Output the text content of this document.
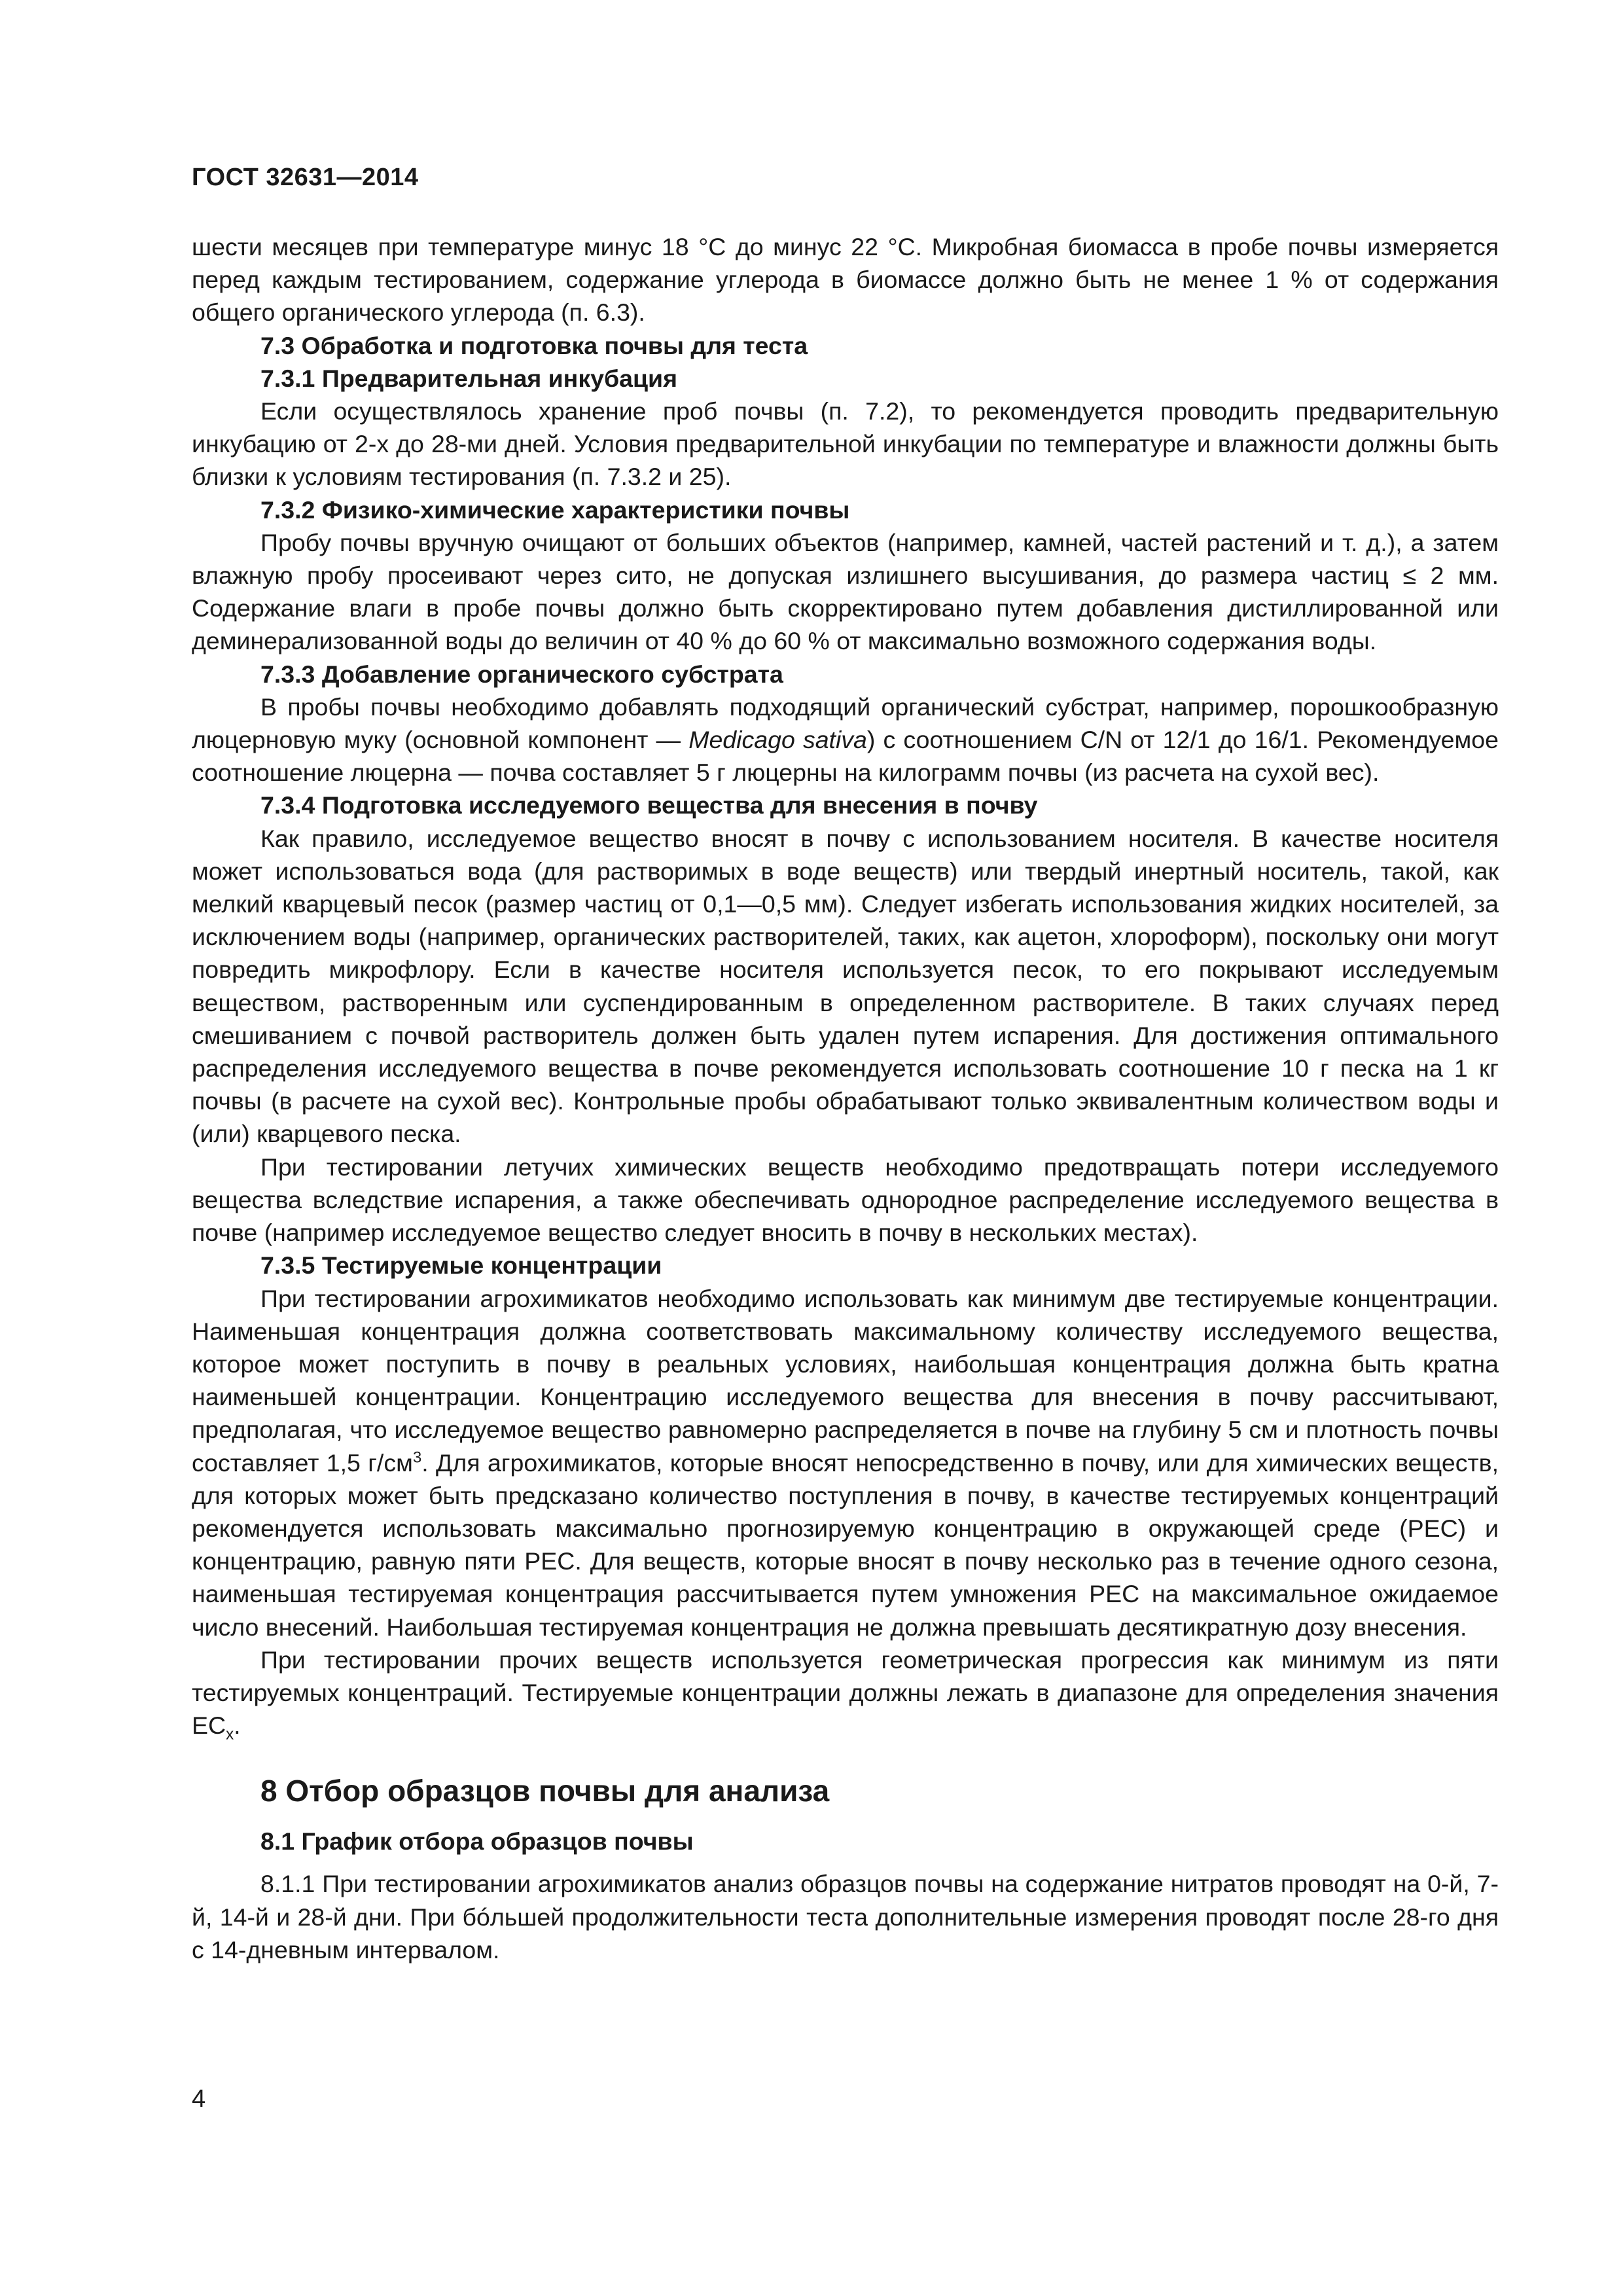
ГОСТ 32631—2014

шести месяцев при температуре минус 18 °С до минус 22 °С. Микробная биомасса в пробе почвы измеряется перед каждым тестированием, содержание углерода в биомассе должно быть не менее 1 % от содержания общего органического углерода (п. 6.3).

7.3 Обработка и подготовка почвы для теста
7.3.1 Предварительная инкубация

Если осуществлялось хранение проб почвы (п. 7.2), то рекомендуется проводить предварительную инкубацию от 2-х до 28-ми дней. Условия предварительной инкубации по температуре и влажности должны быть близки к условиям тестирования (п. 7.3.2 и 25).

7.3.2 Физико-химические характеристики почвы

Пробу почвы вручную очищают от больших объектов (например, камней, частей растений и т. д.), а затем влажную пробу просеивают через сито, не допуская излишнего высушивания, до размера частиц ≤ 2 мм. Содержание влаги в пробе почвы должно быть скорректировано путем добавления дистиллированной или деминерализованной воды до величин от 40 % до 60 % от максимально возможного содержания воды.

7.3.3 Добавление органического субстрата

В пробы почвы необходимо добавлять подходящий органический субстрат, например, порошкообразную люцерновую муку (основной компонент — Medicago sativa) с соотношением C/N от 12/1 до 16/1. Рекомендуемое соотношение люцерна — почва составляет 5 г люцерны на килограмм почвы (из расчета на сухой вес).

7.3.4 Подготовка исследуемого вещества для внесения в почву

Как правило, исследуемое вещество вносят в почву с использованием носителя. В качестве носителя может использоваться вода (для растворимых в воде веществ) или твердый инертный носитель, такой, как мелкий кварцевый песок (размер частиц от 0,1—0,5 мм). Следует избегать использования жидких носителей, за исключением воды (например, органических растворителей, таких, как ацетон, хлороформ), поскольку они могут повредить микрофлору. Если в качестве носителя используется песок, то его покрывают исследуемым веществом, растворенным или суспендированным в определенном растворителе. В таких случаях перед смешиванием с почвой растворитель должен быть удален путем испарения. Для достижения оптимального распределения исследуемого вещества в почве рекомендуется использовать соотношение 10 г песка на 1 кг почвы (в расчете на сухой вес). Контрольные пробы обрабатывают только эквивалентным количеством воды и (или) кварцевого песка.

При тестировании летучих химических веществ необходимо предотвращать потери исследуемого вещества вследствие испарения, а также обеспечивать однородное распределение исследуемого вещества в почве (например исследуемое вещество следует вносить в почву в нескольких местах).

7.3.5 Тестируемые концентрации

При тестировании агрохимикатов необходимо использовать как минимум две тестируемые концентрации. Наименьшая концентрация должна соответствовать максимальному количеству исследуемого вещества, которое может поступить в почву в реальных условиях, наибольшая концентрация должна быть кратна наименьшей концентрации. Концентрацию исследуемого вещества для внесения в почву рассчитывают, предполагая, что исследуемое вещество равномерно распределяется в почве на глубину 5 см и плотность почвы составляет 1,5 $г/см^3$. Для агрохимикатов, которые вносят непосредственно в почву, или для химических веществ, для которых может быть предсказано количество поступления в почву, в качестве тестируемых концентраций рекомендуется использовать максимально прогнозируемую концентрацию в окружающей среде (РЕС) и концентрацию, равную пяти РЕС. Для веществ, которые вносят в почву несколько раз в течение одного сезона, наименьшая тестируемая концентрация рассчитывается путем умножения РЕС на максимальное ожидаемое число внесений. Наибольшая тестируемая концентрация не должна превышать десятикратную дозу внесения.

При тестировании прочих веществ используется геометрическая прогрессия как минимум из пяти тестируемых концентраций. Тестируемые концентрации должны лежать в диапазоне для определения значения $ЕС_x$.

8 Отбор образцов почвы для анализа
8.1 График отбора образцов почвы

8.1.1 При тестировании агрохимикатов анализ образцов почвы на содержание нитратов проводят на 0-й, 7-й, 14-й и 28-й дни. При бóльшей продолжительности теста дополнительные измерения проводят после 28-го дня с 14-дневным интервалом.

4
